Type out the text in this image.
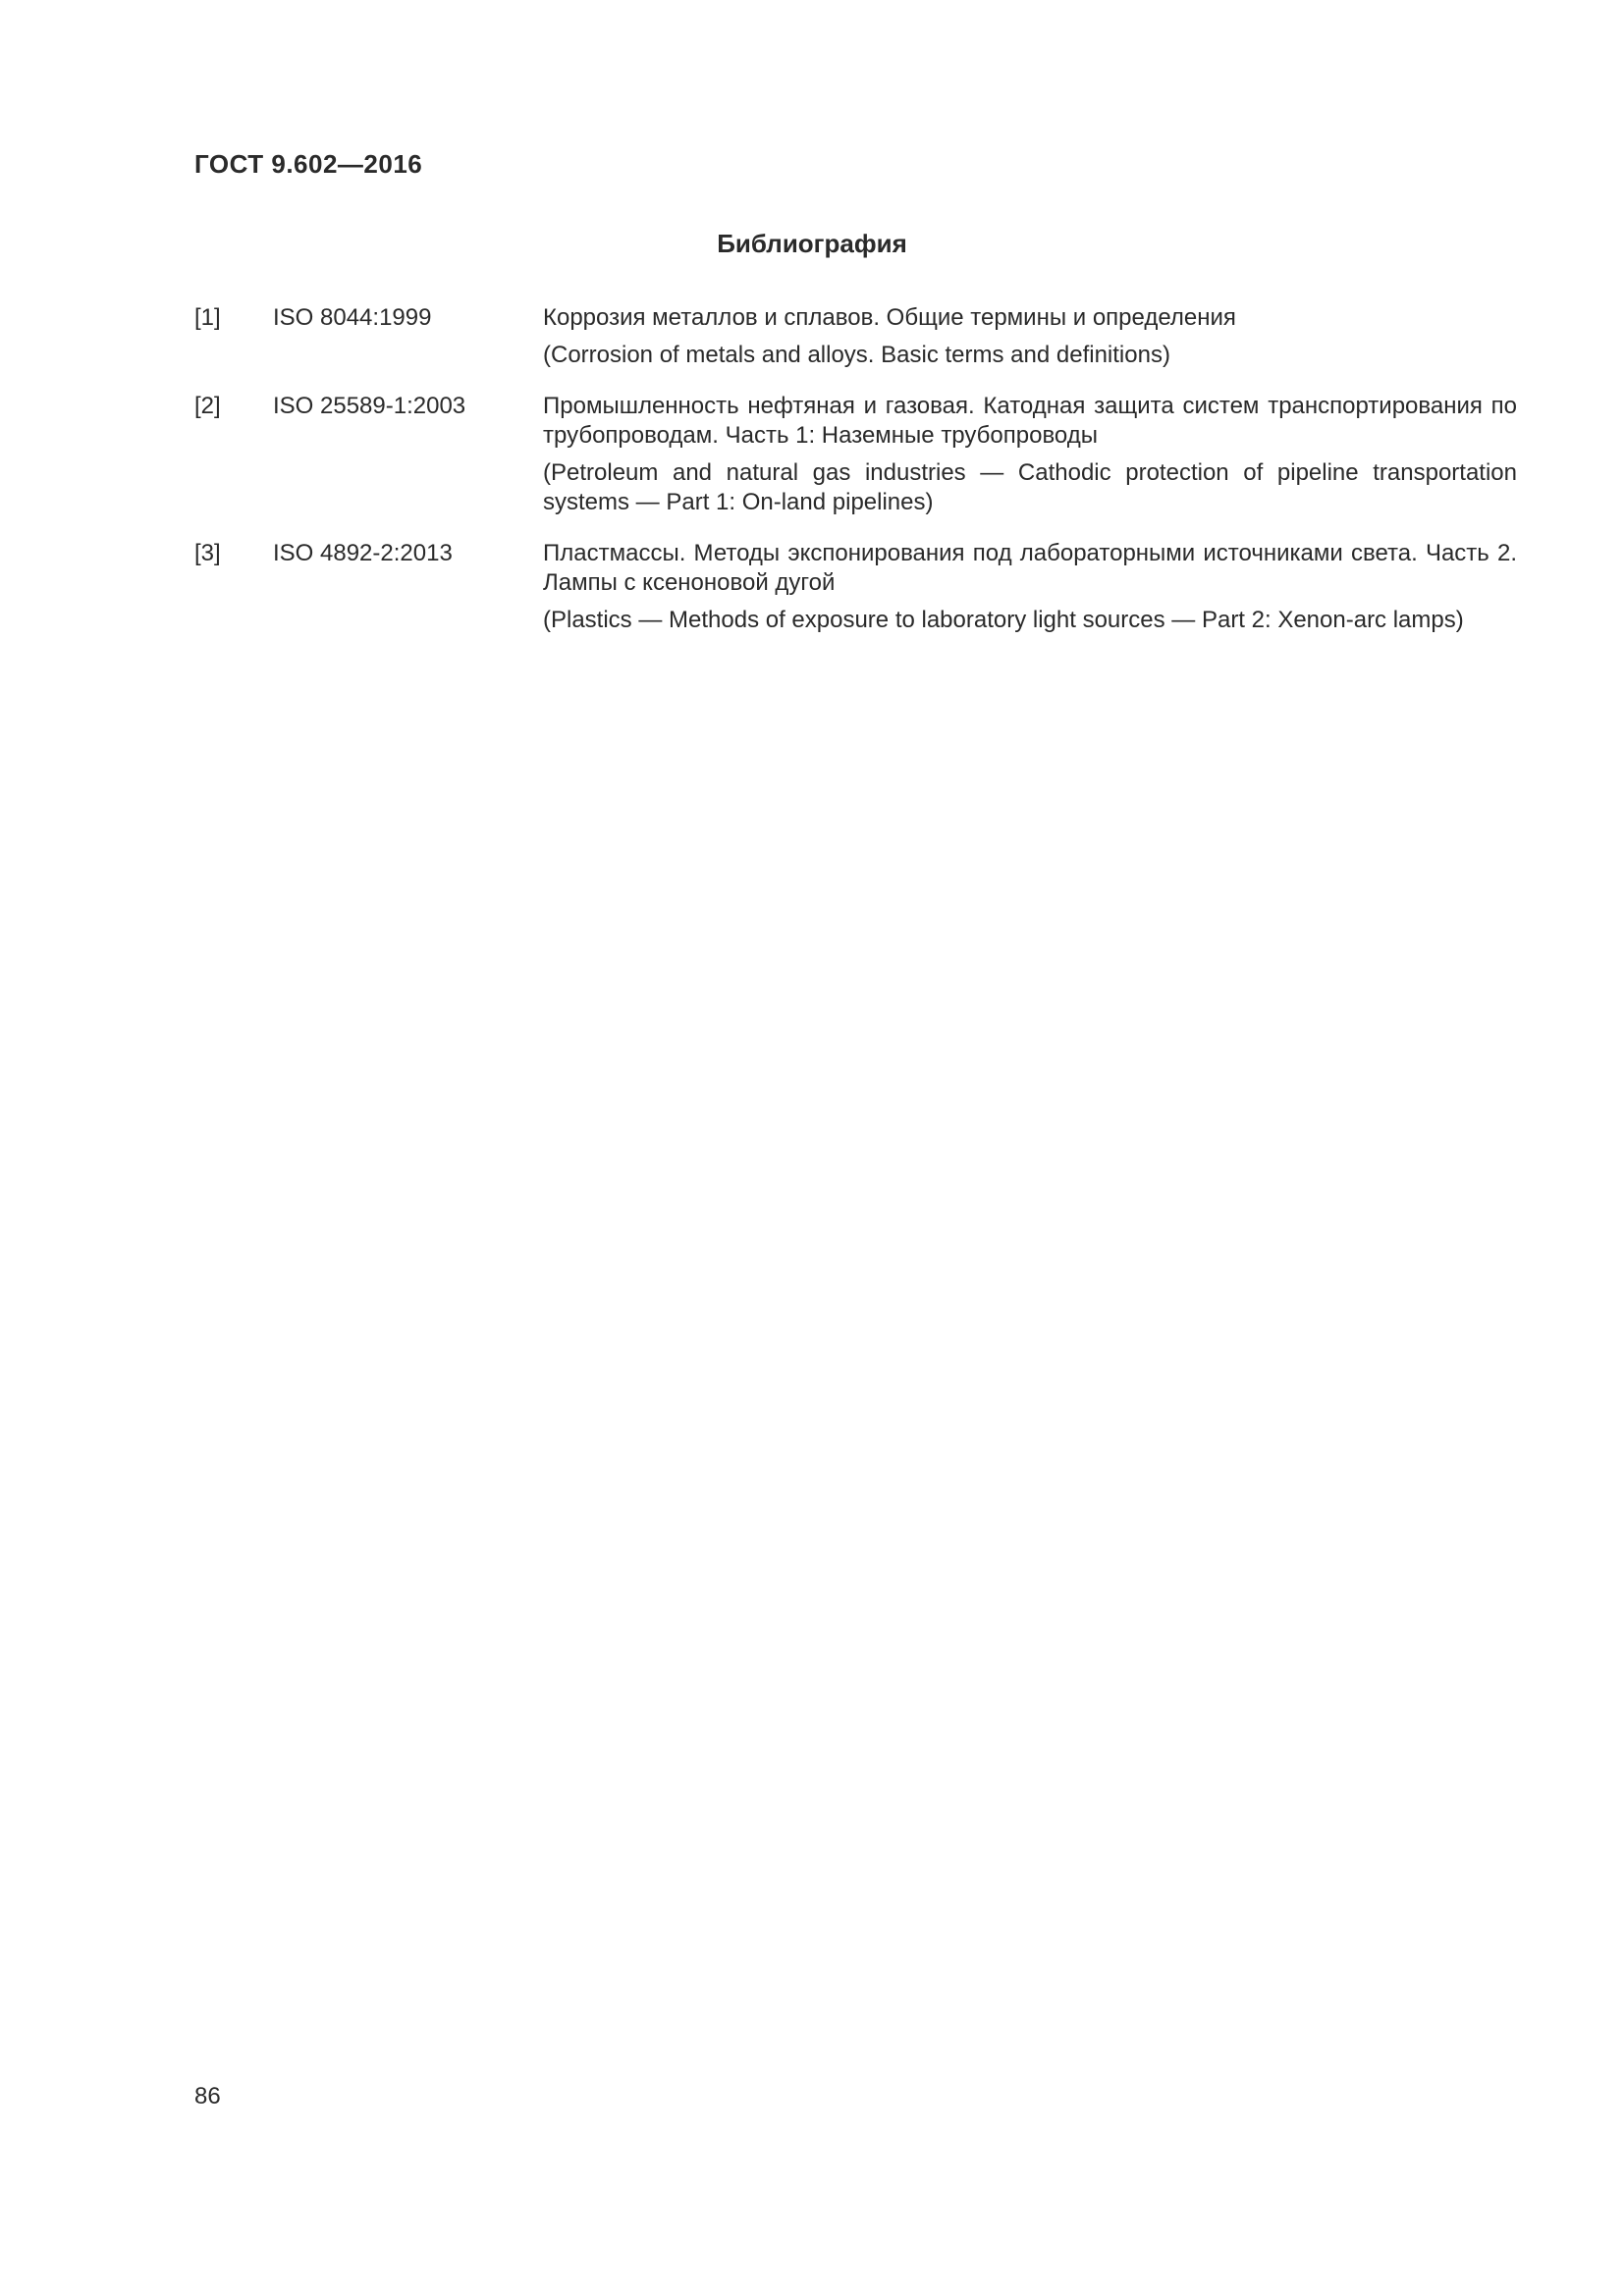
ГОСТ 9.602—2016
Библиография
[1] ISO 8044:1999	Коррозия металлов и сплавов. Общие термины и определения
(Corrosion of metals and alloys. Basic terms and definitions)
[2] ISO 25589-1:2003	Промышленность нефтяная и газовая. Катодная защита систем транспортирования по трубопроводам. Часть 1: Наземные трубопроводы
(Petroleum and natural gas industries — Cathodic protection of pipeline transportation systems — Part 1: On-land pipelines)
[3] ISO 4892-2:2013	Пластмассы. Методы экспонирования под лабораторными источниками света. Часть 2. Лампы с ксеноновой дугой
(Plastics — Methods of exposure to laboratory light sources — Part 2: Xenon-arc lamps)
86
